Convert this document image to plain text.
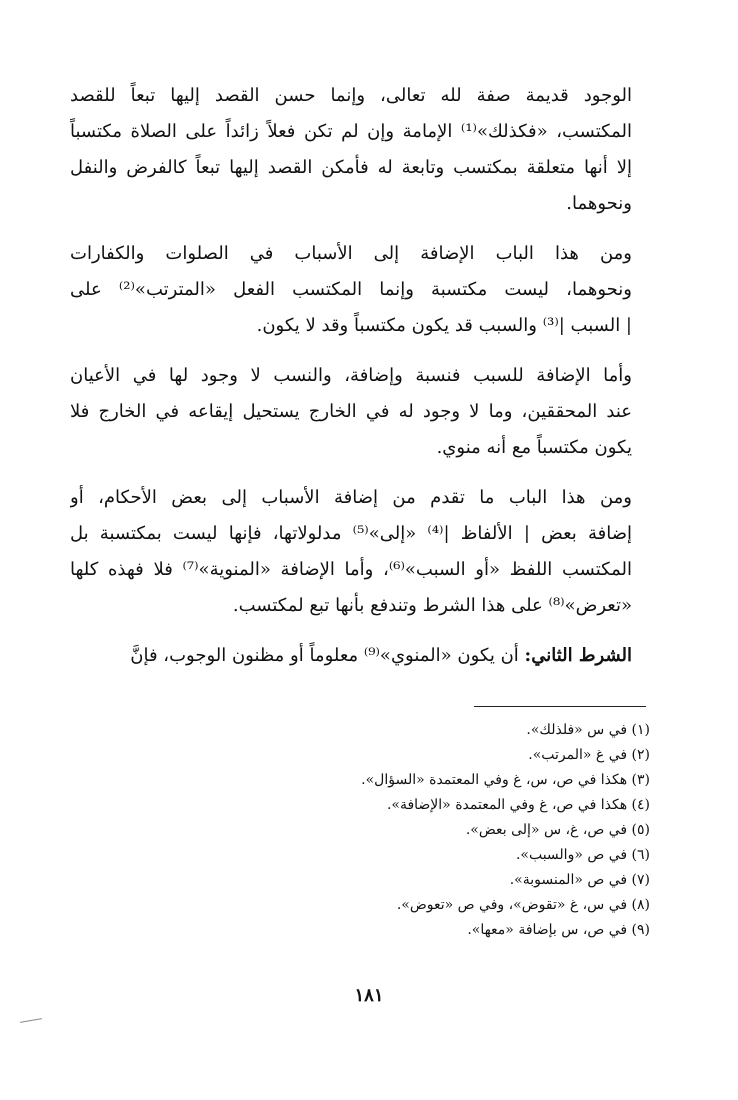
الوجود قديمة صفة لله تعالى، وإنما حسن القصد إليها تبعاً للقصد
المكتسب، «فكذلك»⁽¹⁾ الإمامة وإن لم تكن فعلاً زائداً على الصلاة مكتسباً
إلا أنها متعلقة بمكتسب وتابعة له فأمكن القصد إليها تبعاً كالفرض والنفل
ونحوهما.
ومن هذا الباب الإضافة إلى الأسباب في الصلوات والكفارات
ونحوهما، ليست مكتسبة وإنما المكتسب الفعل «المترتب»⁽²⁾ على
| السبب |⁽³⁾ والسبب قد يكون مكتسباً وقد لا يكون.
وأما الإضافة للسبب فنسبة وإضافة، والنسب لا وجود لها في الأعيان
عند المحققين، وما لا وجود له في الخارج يستحيل إيقاعه في الخارج فلا
يكون مكتسباً مع أنه منوي.
ومن هذا الباب ما تقدم من إضافة الأسباب إلى بعض الأحكام، أو
إضافة بعض | الألفاظ |⁽⁴⁾ «إلى»⁽⁵⁾ مدلولاتها، فإنها ليست بمكتسبة بل
المكتسب اللفظ «أو السبب»⁽⁶⁾، وأما الإضافة «المنوية»⁽⁷⁾ فلا فهذه كلها
«تعرض»⁽⁸⁾ على هذا الشرط وتندفع بأنها تبع لمكتسب.
الشرط الثاني: أن يكون «المنوي»⁽⁹⁾ معلوماً أو مظنون الوجوب، فإنَّ
(١) في س «فلذلك».
(٢) في غ «المرتب».
(٣) هكذا في ص، س، غ وفي المعتمدة «السؤال».
(٤) هكذا في ص، غ وفي المعتمدة «الإضافة».
(٥) في ص، غ، س «إلى بعض».
(٦) في ص «والسبب».
(٧) في ص «المنسوبة».
(٨) في س، غ «تقوض»، وفي ص «تعوض».
(٩) في ص، س بإضافة «معها».
١٨١
